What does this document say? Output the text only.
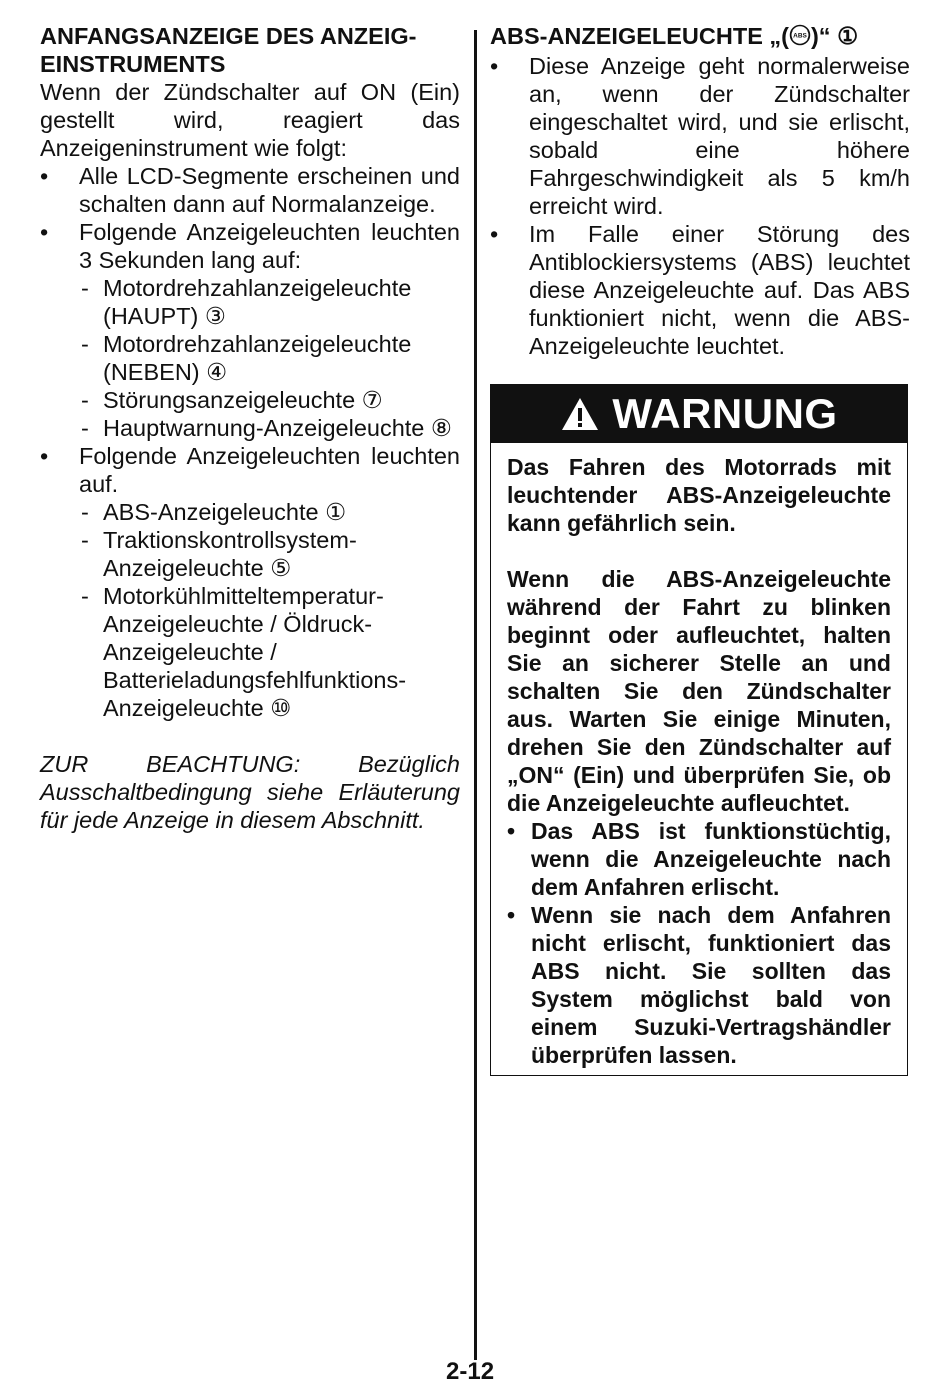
ANFANGSANZEIGE DES ANZEIG-EINSTRUMENTS
Wenn der Zündschalter auf ON (Ein) gestellt wird, reagiert das Anzeigeninstrument wie folgt:
• Alle LCD-Segmente erscheinen und schalten dann auf Normalanzeige.
• Folgende Anzeigeleuchten leuchten 3 Sekunden lang auf:
- Motordrehzahlanzeigeleuchte (HAUPT) ③
- Motordrehzahlanzeigeleuchte (NEBEN) ④
- Störungsanzeigeleuchte ⑦
- Hauptwarnung-Anzeigeleuchte ⑧
• Folgende Anzeigeleuchten leuchten auf.
- ABS-Anzeigeleuchte ①
- Traktionskontrollsystem-Anzeigeleuchte ⑤
- Motorkühlmitteltemperatur-Anzeigeleuchte / Öldruck-Anzeigeleuchte / Batterieladungsfehlfunktions-Anzeigeleuchte ⑩
ZUR BEACHTUNG: Bezüglich Ausschaltbedingung siehe Erläuterung für jede Anzeige in diesem Abschnitt.
ABS-ANZEIGELEUCHTE „( ABS )“ ①
• Diese Anzeige geht normalerweise an, wenn der Zündschalter eingeschaltet wird, und sie erlischt, sobald eine höhere Fahrgeschwindigkeit als 5 km/h erreicht wird.
• Im Falle einer Störung des Antiblockiersystems (ABS) leuchtet diese Anzeigeleuchte auf. Das ABS funktioniert nicht, wenn die ABS-Anzeigeleuchte leuchtet.
WARNUNG

Das Fahren des Motorrads mit leuchtender ABS-Anzeigeleuchte kann gefährlich sein.

Wenn die ABS-Anzeigeleuchte während der Fahrt zu blinken beginnt oder aufleuchtet, halten Sie an sicherer Stelle an und schalten Sie den Zündschalter aus. Warten Sie einige Minuten, drehen Sie den Zündschalter auf „ON“ (Ein) und überprüfen Sie, ob die Anzeigeleuchte aufleuchtet.

• Das ABS ist funktionstüchtig, wenn die Anzeigeleuchte nach dem Anfahren erlischt.
• Wenn sie nach dem Anfahren nicht erlischt, funktioniert das ABS nicht. Sie sollten das System möglichst bald von einem Suzuki-Vertragshändler überprüfen lassen.
2-12
